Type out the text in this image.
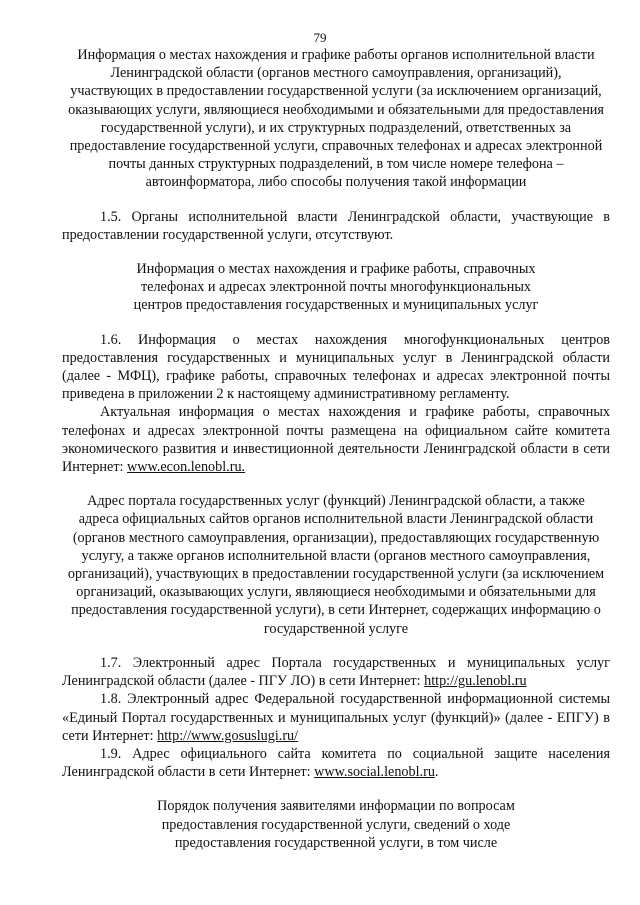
79

Информация о местах нахождения и графике работы органов исполнительной власти Ленинградской области (органов местного самоуправления, организаций), участвующих в предоставлении государственной услуги (за исключением организаций, оказывающих услуги, являющиеся необходимыми и обязательными для предоставления государственной услуги), и их структурных подразделений, ответственных за предоставление государственной услуги, справочных телефонах и адресах электронной почты данных структурных подразделений, в том числе номере телефона – автоинформатора, либо способы получения такой информации

1.5. Органы исполнительной власти Ленинградской области, участвующие в предоставлении государственной услуги, отсутствуют.

Информация о местах нахождения и графике работы, справочных телефонах и адресах электронной почты многофункциональных центров предоставления государственных и муниципальных услуг

1.6. Информация о местах нахождения многофункциональных центров предоставления государственных и муниципальных услуг в Ленинградской области (далее - МФЦ), графике работы, справочных телефонах и адресах электронной почты приведена в приложении 2 к настоящему административному регламенту.

Актуальная информация о местах нахождения и графике работы, справочных телефонах и адресах электронной почты размещена на официальном сайте комитета экономического развития и инвестиционной деятельности Ленинградской области в сети Интернет: www.econ.lenobl.ru.

Адрес портала государственных услуг (функций) Ленинградской области, а также адреса официальных сайтов органов исполнительной власти Ленинградской области (органов местного самоуправления, организации), предоставляющих государственную услугу, а также органов исполнительной власти (органов местного самоуправления, организаций), участвующих в предоставлении государственной услуги (за исключением организаций, оказывающих услуги, являющиеся необходимыми и обязательными для предоставления государственной услуги), в сети Интернет, содержащих информацию о государственной услуге

1.7. Электронный адрес Портала государственных и муниципальных услуг Ленинградской области (далее - ПГУ ЛО) в сети Интернет: http://gu.lenobl.ru

1.8. Электронный адрес Федеральной государственной информационной системы «Единый Портал государственных и муниципальных услуг (функций)» (далее - ЕПГУ) в сети Интернет: http://www.gosuslugi.ru/

1.9. Адрес официального сайта комитета по социальной защите населения Ленинградской области в сети Интернет: www.social.lenobl.ru.

Порядок получения заявителями информации по вопросам предоставления государственной услуги, сведений о ходе предоставления государственной услуги, в том числе
